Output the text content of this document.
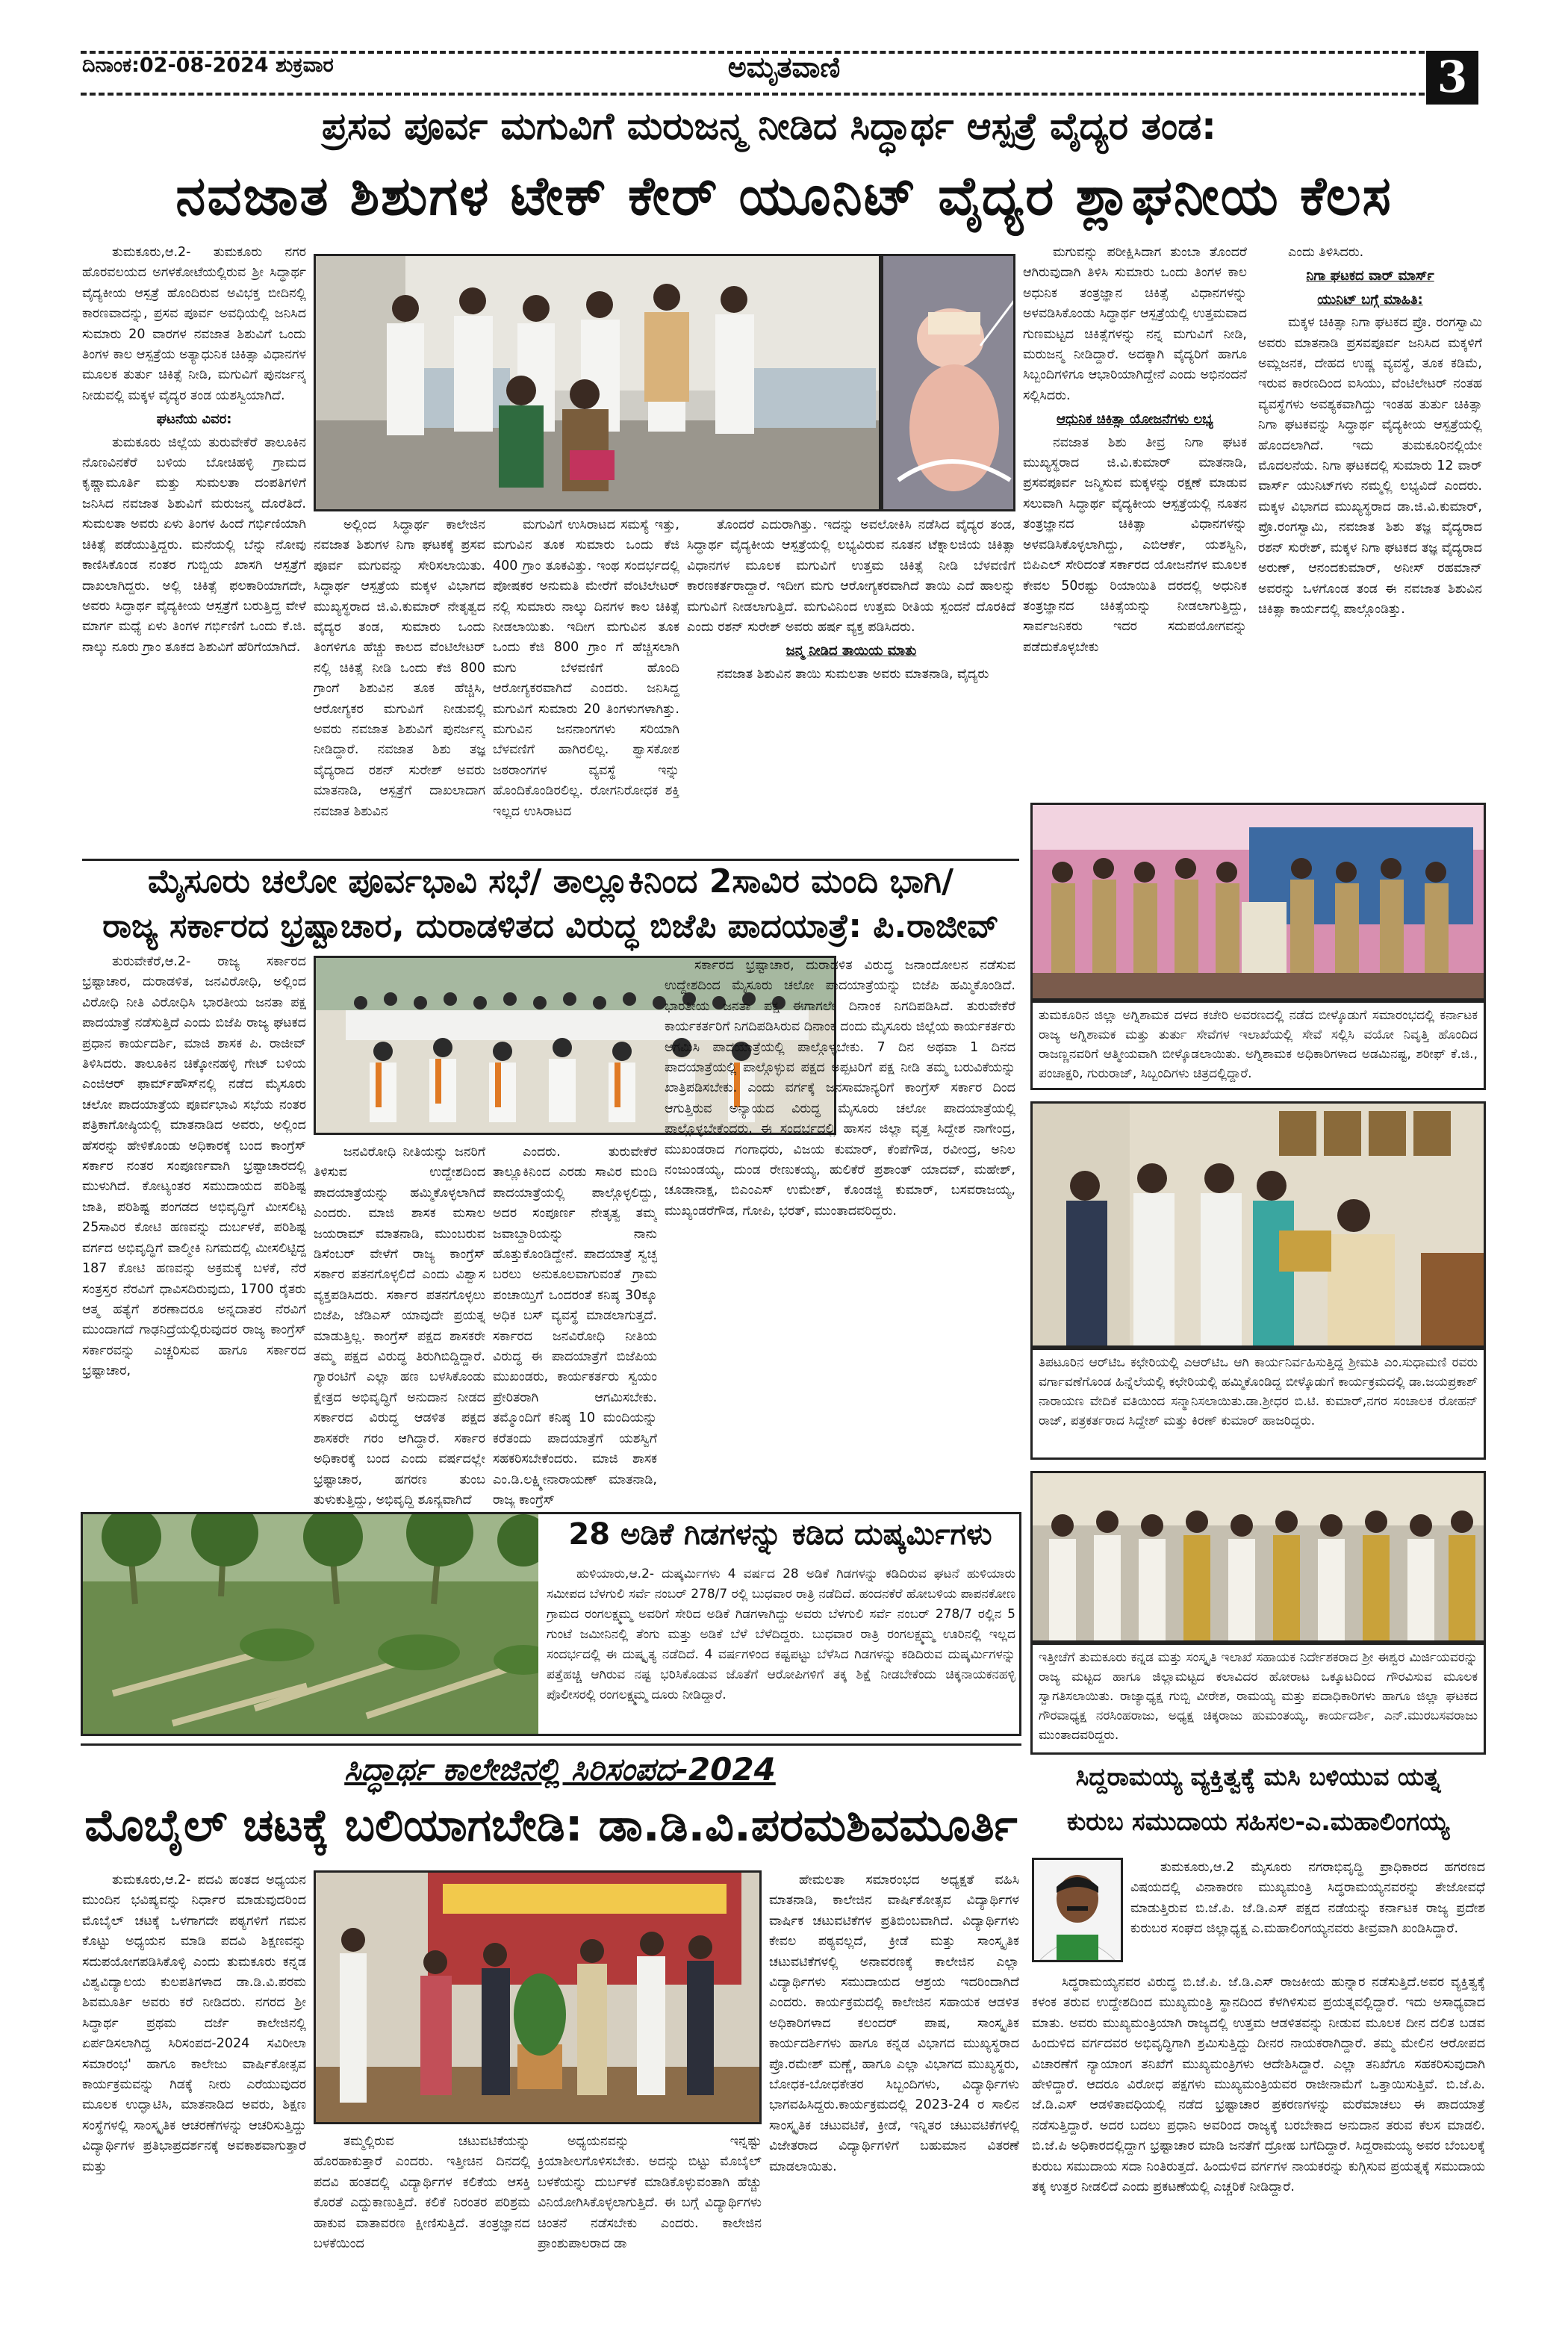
ದಿನಾಂಕ:02-08-2024 ಶುಕ್ರವಾರ	ಅಮೃತವಾಣಿ	3
ಪ್ರಸವ ಪೂರ್ವ ಮಗುವಿಗೆ ಮರುಜನ್ಮ ನೀಡಿದ ಸಿದ್ಧಾರ್ಥ ಆಸ್ಪತ್ರೆ ವೈದ್ಯರ ತಂಡ:
ನವಜಾತ ಶಿಶುಗಳ ಟೇಕ್ ಕೇರ್ ಯೂನಿಟ್ ವೈದ್ಯರ ಶ್ಲಾಘನೀಯ ಕೆಲಸ

ತುಮಕೂರು,ಆ.2- ತುಮಕೂರು ನಗರ ಹೊರವಲಯದ ಅಗಳಕೋಟೆಯಲ್ಲಿರುವ ಶ್ರೀ ಸಿದ್ಧಾರ್ಥ ವೈದ್ಯಕೀಯ ಆಸ್ಪತ್ರೆ ಹೊಂದಿರುವ ಅವಿಭಕ್ತ ಬೀದಿನಲ್ಲಿ ಕಾರಣವಾದನ್ನು, ಪ್ರಸವ ಪೂರ್ವ ಅವಧಿಯಲ್ಲಿ ಜನಿಸಿದ ಸುಮಾರು 20 ವಾರಗಳ ನವಜಾತ ಶಿಶುವಿಗೆ ಒಂದು ತಿಂಗಳ ಕಾಲ ಆಸ್ಪತ್ರೆಯ ಅತ್ಯಾಧುನಿಕ ಚಿಕಿತ್ಸಾ ವಿಧಾನಗಳ ಮೂಲಕ ತುರ್ತು ಚಿಕಿತ್ಸೆ ನೀಡಿ, ಮಗುವಿಗೆ ಪುನರ್ಜನ್ಮ ನೀಡುವಲ್ಲಿ ಮಕ್ಕಳ ವೈದ್ಯರ ತಂಡ ಯಶಸ್ವಿಯಾಗಿದೆ.

ಘಟನೆಯ ವಿವರ:

ತುಮಕೂರು ಜಿಲ್ಲೆಯ ತುರುವೇಕೆರೆ ತಾಲೂಕಿನ ನೊಣವಿನಕೆರೆ ಬಳಿಯ ಬೋಚಿಹಳ್ಳಿ ಗ್ರಾಮದ ಕೃಷ್ಣಾಮೂರ್ತಿ ಮತ್ತು ಸುಮಲತಾ ದಂಪತಿಗಳಿಗೆ ಜನಿಸಿದ ನವಜಾತ ಶಿಶುವಿಗೆ ಮರುಜನ್ಮ ದೊರೆತಿದೆ. ಸುಮಲತಾ ಅವರು ಏಳು ತಿಂಗಳ ಹಿಂದೆ ಗರ್ಭಿಣಿಯಾಗಿ ಚಿಕಿತ್ಸೆ ಪಡೆಯುತ್ತಿದ್ದರು. ಮನೆಯಲ್ಲಿ ಬೆನ್ನು ನೋವು ಕಾಣಿಸಿಕೊಂಡ ನಂತರ ಗುಬ್ಬಿಯ ಖಾಸಗಿ ಆಸ್ಪತ್ರೆಗೆ ದಾಖಲಾಗಿದ್ದರು. ಅಲ್ಲಿ ಚಿಕಿತ್ಸೆ ಫಲಕಾರಿಯಾಗದೇ, ಅವರು ಸಿದ್ಧಾರ್ಥ ವೈದ್ಯಕೀಯ ಆಸ್ಪತ್ರೆಗೆ ಬರುತ್ತಿದ್ದ ವೇಳೆ ಮಾರ್ಗ ಮಧ್ಯೆ ಏಳು ತಿಂಗಳ ಗರ್ಭಿಣಿಗೆ ಒಂದು ಕೆ.ಜಿ. ನಾಲ್ಕು ನೂರು ಗ್ರಾಂ ತೂಕದ ಶಿಶುವಿಗೆ ಹೆರಿಗೆಯಾಗಿದೆ.

ಅಲ್ಲಿಂದ ಸಿದ್ಧಾರ್ಥ ಕಾಲೇಜಿನ ನವಜಾತ ಶಿಶುಗಳ ನಿಗಾ ಘಟಕಕ್ಕೆ ಪ್ರಸವ ಪೂರ್ವ ಮಗುವನ್ನು ಸೇರಿಸಲಾಯಿತು. ಸಿದ್ಧಾರ್ಥ ಆಸ್ಪತ್ರೆಯ ಮಕ್ಕಳ ವಿಭಾಗದ ಮುಖ್ಯಸ್ಥರಾದ ಜಿ.ವಿ.ಕುಮಾರ್ ನೇತೃತ್ವದ ವೈದ್ಯರ ತಂಡ, ಸುಮಾರು ಒಂದು ತಿಂಗಳಿಗೂ ಹೆಚ್ಚು ಕಾಲದ ವೆಂಟಿಲೇಟರ್ ನಲ್ಲಿ ಚಿಕಿತ್ಸೆ ನೀಡಿ ಒಂದು ಕೆಜಿ 800 ಗ್ರಾಂಗೆ ಶಿಶುವಿನ ತೂಕ ಹೆಚ್ಚಿಸಿ, ಆರೋಗ್ಯಕರ ಮಗುವಿಗೆ ನೀಡುವಲ್ಲಿ ಅವರು ನವಜಾತ ಶಿಶುವಿಗೆ ಪುನರ್ಜನ್ಮ ನೀಡಿದ್ದಾರೆ. ನವಜಾತ ಶಿಶು ತಜ್ಞ ವೈದ್ಯರಾದ ರಶನ್ ಸುರೇಶ್ ಅವರು ಮಾತನಾಡಿ, ಆಸ್ಪತ್ರೆಗೆ ದಾಖಲಾದಾಗ ನವಜಾತ ಶಿಶುವಿನ

ಮಗುವಿಗೆ ಉಸಿರಾಟದ ಸಮಸ್ಯೆ ಇತ್ತು, ಮಗುವಿನ ತೂಕ ಸುಮಾರು ಒಂದು ಕೆಜಿ 400 ಗ್ರಾಂ ತೂಕವಿತ್ತು. ಇಂಥ ಸಂದರ್ಭದಲ್ಲಿ ಪೋಷಕರ ಅನುಮತಿ ಮೇರೆಗೆ ವೆಂಟಿಲೇಟರ್ ನಲ್ಲಿ ಸುಮಾರು ನಾಲ್ಕು ದಿನಗಳ ಕಾಲ ಚಿಕಿತ್ಸೆ ನೀಡಲಾಯಿತು. ಇದೀಗ ಮಗುವಿನ ತೂಕ ಒಂದು ಕೆಜಿ 800 ಗ್ರಾಂ ಗೆ ಹೆಚ್ಚಿಸಲಾಗಿ ಮಗು ಬೆಳವಣಿಗೆ ಹೊಂದಿ ಆರೋಗ್ಯಕರವಾಗಿದೆ ಎಂದರು. ಜನಿಸಿದ್ದ ಮಗುವಿಗೆ ಸುಮಾರು 20 ತಿಂಗಳುಗಳಾಗಿತ್ತು. ಮಗುವಿನ ಜನನಾಂಗಗಳು ಸರಿಯಾಗಿ ಬೆಳವಣಿಗೆ ಹಾಗಿರಲಿಲ್ಲ. ಶ್ವಾಸಕೋಶ ಜಠರಾಂಗಗಳ ವ್ಯವಸ್ಥೆ ಇನ್ನು ಹೊಂದಿಕೊಂಡಿರಲಿಲ್ಲ. ರೋಗನಿರೋಧಕ ಶಕ್ತಿ ಇಲ್ಲದ ಉಸಿರಾಟದ

ತೊಂದರೆ ಎದುರಾಗಿತ್ತು. ಇದನ್ನು ಅವಲೋಕಿಸಿ ನಡೆಸಿದ ವೈದ್ಯರ ತಂಡ, ಸಿದ್ಧಾರ್ಥ ವೈದ್ಯಕೀಯ ಆಸ್ಪತ್ರೆಯಲ್ಲಿ ಲಭ್ಯವಿರುವ ನೂತನ ಟೆಕ್ನಾಲಜಿಯ ಚಿಕಿತ್ಸಾ ವಿಧಾನಗಳ ಮೂಲಕ ಮಗುವಿಗೆ ಉತ್ತಮ ಚಿಕಿತ್ಸೆ ನೀಡಿ ಬೆಳವಣಿಗೆ ಕಾರಣಕರ್ತರಾದ್ದಾರೆ. ಇದೀಗ ಮಗು ಆರೋಗ್ಯಕರವಾಗಿದೆ ತಾಯಿ ಎದೆ ಹಾಲನ್ನು ಮಗುವಿಗೆ ನೀಡಲಾಗುತ್ತಿದೆ. ಮಗುವಿನಿಂದ ಉತ್ತಮ ರೀತಿಯ ಸ್ಪಂದನೆ ದೊರಕಿದೆ ಎಂದು ರಶನ್ ಸುರೇಶ್ ಅವರು ಹರ್ಷ ವ್ಯಕ್ತ ಪಡಿಸಿದರು.

ಜನ್ಮ ನೀಡಿದ ತಾಯಿಯ ಮಾತು

ನವಜಾತ ಶಿಶುವಿನ ತಾಯಿ ಸುಮಲತಾ ಅವರು ಮಾತನಾಡಿ, ವೈದ್ಯರು

ಮಗುವನ್ನು ಪರೀಕ್ಷಿಸಿದಾಗ ತುಂಬಾ ತೊಂದರೆ ಆಗಿರುವುದಾಗಿ ತಿಳಿಸಿ ಸುಮಾರು ಒಂದು ತಿಂಗಳ ಕಾಲ ಅಧುನಿಕ ತಂತ್ರಜ್ಞಾನ ಚಿಕಿತ್ಸೆ ವಿಧಾನಗಳನ್ನು ಅಳವಡಿಸಿಕೊಂಡು ಸಿದ್ಧಾರ್ಥ ಆಸ್ಪತ್ರೆಯಲ್ಲಿ ಉತ್ತಮವಾದ ಗುಣಮಟ್ಟದ ಚಿಕಿತ್ಸೆಗಳನ್ನು ನನ್ನ ಮಗುವಿಗೆ ನೀಡಿ, ಮರುಜನ್ಮ ನೀಡಿದ್ದಾರೆ. ಅದಕ್ಕಾಗಿ ವೈದ್ಯರಿಗೆ ಹಾಗೂ ಸಿಬ್ಬಂದಿಗಳಿಗೂ ಆಭಾರಿಯಾಗಿದ್ದೇನೆ ಎಂದು ಅಭಿನಂದನೆ ಸಲ್ಲಿಸಿದರು.

ಆಧುನಿಕ ಚಿಕಿತ್ಸಾ ಯೋಜನೆಗಳು ಲಭ್ಯ

ನವಜಾತ ಶಿಶು ತೀವ್ರ ನಿಗಾ ಘಟಕ ಮುಖ್ಯಸ್ಥರಾದ ಜಿ.ವಿ.ಕುಮಾರ್ ಮಾತನಾಡಿ, ಪ್ರಸವಪೂರ್ವ ಜನ್ಮಿಸುವ ಮಕ್ಕಳನ್ನು ರಕ್ಷಣೆ ಮಾಡುವ ಸಲುವಾಗಿ ಸಿದ್ಧಾರ್ಥ ವೈದ್ಯಕೀಯ ಆಸ್ಪತ್ರೆಯಲ್ಲಿ ನೂತನ ತಂತ್ರಜ್ಞಾನದ ಚಿಕಿತ್ಸಾ ವಿಧಾನಗಳನ್ನು ಅಳವಡಿಸಿಕೊಳ್ಳಲಾಗಿದ್ದು, ಎಬಿಆರ್ಕೆ, ಯಶಸ್ವಿನಿ, ಬಿಪಿಎಲ್ ಸೇರಿದಂತೆ ಸರ್ಕಾರದ ಯೋಜನೆಗಳ ಮೂಲಕ ಕೇವಲ 50ರಷ್ಟು ರಿಯಾಯಿತಿ ದರದಲ್ಲಿ ಅಧುನಿಕ ತಂತ್ರಜ್ಞಾನದ ಚಿಕಿತ್ಸೆಯನ್ನು ನೀಡಲಾಗುತ್ತಿದ್ದು, ಸಾರ್ವಜನಿಕರು ಇದರ ಸದುಪಯೋಗವನ್ನು ಪಡೆದುಕೊಳ್ಳಬೇಕು

ಎಂದು ತಿಳಿಸಿದರು.

ನಿಗಾ ಘಟಕದ ವಾರ್ ಮಾರ್ಸ್
ಯುನಿಟ್ ಬಗ್ಗೆ ಮಾಹಿತಿ:

ಮಕ್ಕಳ ಚಿಕಿತ್ಸಾ ನಿಗಾ ಘಟಕದ ಪ್ರೊ. ರಂಗಸ್ವಾಮಿ ಅವರು ಮಾತನಾಡಿ ಪ್ರಸವಪೂರ್ವ ಜನಿಸಿದ ಮಕ್ಕಳಿಗೆ ಅಮ್ಲಜನಕ, ದೇಹದ ಉಷ್ಣ ವ್ಯವಸ್ಥೆ, ತೂಕ ಕಡಿಮೆ, ಇರುವ ಕಾರಣದಿಂದ ಐಸಿಯು, ವೆಂಟಿಲೇಟರ್ ನಂತಹ ವ್ಯವಸ್ಥೆಗಳು ಅವಶ್ಯಕವಾಗಿದ್ದು ಇಂತಹ ತುರ್ತು ಚಿಕಿತ್ಸಾ ನಿಗಾ ಘಟಕವನ್ನು ಸಿದ್ಧಾರ್ಥ ವೈದ್ಯಕೀಯ ಆಸ್ಪತ್ರೆಯಲ್ಲಿ ಹೊಂದಲಾಗಿದೆ. ಇದು ತುಮಕೂರಿನಲ್ಲಿಯೇ ಮೊದಲನೆಯ. ನಿಗಾ ಘಟಕದಲ್ಲಿ ಸುಮಾರು 12 ವಾರ್ ವಾರ್ಸ್ ಯುನಿಟ್‌ಗಳು ನಮ್ಮಲ್ಲಿ ಲಭ್ಯವಿದೆ ಎಂದರು. ಮಕ್ಕಳ ವಿಭಾಗದ ಮುಖ್ಯಸ್ಥರಾದ ಡಾ.ಜಿ.ವಿ.ಕುಮಾರ್, ಪ್ರೊ.ರಂಗಸ್ವಾಮಿ, ನವಜಾತ ಶಿಶು ತಜ್ಞ ವೈದ್ಯರಾದ ರಶನ್ ಸುರೇಶ್, ಮಕ್ಕಳ ನಿಗಾ ಘಟಕದ ತಜ್ಞ ವೈದ್ಯರಾದ ಅರುಣ್, ಆನಂದಕುಮಾರ್, ಅನೀಸ್ ರಹಮಾನ್ ಅವರನ್ನು ಒಳಗೊಂಡ ತಂಡ ಈ ನವಜಾತ ಶಿಶುವಿನ ಚಿಕಿತ್ಸಾ ಕಾರ್ಯದಲ್ಲಿ ಪಾಲ್ಗೊಂಡಿತ್ತು.

ಮೈಸೂರು ಚಲೋ ಪೂರ್ವಭಾವಿ ಸಭೆ/ ತಾಲ್ಲೂಕಿನಿಂದ 2ಸಾವಿರ ಮಂದಿ ಭಾಗಿ/
ರಾಜ್ಯ ಸರ್ಕಾರದ ಭ್ರಷ್ಟಾಚಾರ, ದುರಾಡಳಿತದ ವಿರುದ್ಧ ಬಿಜೆಪಿ ಪಾದಯಾತ್ರೆ: ಪಿ.ರಾಜೀವ್

ತುರುವೇಕೆರೆ,ಆ.2- ರಾಜ್ಯ ಸರ್ಕಾರದ ಭ್ರಷ್ಟಾಚಾರ, ದುರಾಡಳಿತ, ಜನವಿರೋಧಿ, ಅಲ್ಲಿಂದ ವಿರೋಧಿ ನೀತಿ ವಿರೋಧಿಸಿ ಭಾರತೀಯ ಜನತಾ ಪಕ್ಷ ಪಾದಯಾತ್ರೆ ನಡೆಸುತ್ತಿದೆ ಎಂದು ಬಿಜೆಪಿ ರಾಜ್ಯ ಘಟಕದ ಪ್ರಧಾನ ಕಾರ್ಯದರ್ಶಿ, ಮಾಜಿ ಶಾಸಕ ಪಿ. ರಾಜೀವ್ ತಿಳಿಸಿದರು. ತಾಲೂಕಿನ ಚಿಕ್ಕೋನಹಳ್ಳಿ ಗೇಟ್ ಬಳಿಯ ಎಂಜಿಆರ್ ಫಾರ್ಮ್‌ಹೌಸ್‌ನಲ್ಲಿ ನಡೆದ ಮೈಸೂರು ಚಲೋ ಪಾದಯಾತ್ರೆಯ ಪೂರ್ವಭಾವಿ ಸಭೆಯ ನಂತರ ಪತ್ರಿಕಾಗೋಷ್ಠಿಯಲ್ಲಿ ಮಾತನಾಡಿದ ಅವರು, ಅಲ್ಲಿಂದ ಹೆಸರನ್ನು ಹೇಳಿಕೊಂಡು ಅಧಿಕಾರಕ್ಕೆ ಬಂದ ಕಾಂಗ್ರೆಸ್ ಸರ್ಕಾರ ನಂತರ ಸಂಪೂರ್ಣವಾಗಿ ಭ್ರಷ್ಟಾಚಾರದಲ್ಲಿ ಮುಳುಗಿದೆ. ಕೋಟ್ಯಂತರ ಸಮುದಾಯದ ಪರಿಶಿಷ್ಟ ಜಾತಿ, ಪರಿಶಿಷ್ಟ ಪಂಗಡದ ಅಭಿವೃದ್ಧಿಗೆ ಮೀಸಲಿಟ್ಟ 25ಸಾವಿರ ಕೋಟಿ ಹಣವನ್ನು ದುರ್ಬಳಕೆ, ಪರಿಶಿಷ್ಟ ವರ್ಗದ ಅಭಿವೃದ್ಧಿಗೆ ವಾಲ್ಮೀಕಿ ನಿಗಮದಲ್ಲಿ ಮೀಸಲಿಟ್ಟಿದ್ದ 187 ಕೋಟಿ ಹಣವನ್ನು ಅಕ್ರಮಕ್ಕೆ ಬಳಕೆ, ನೆರೆ ಸಂತ್ರಸ್ತರ ನೆರವಿಗೆ ಧಾವಿಸದಿರುವುದು, 1700 ರೈತರು ಆತ್ಮ ಹತ್ಯೆಗೆ ಶರಣಾದರೂ ಅನ್ನದಾತರ ನೆರವಿಗೆ ಮುಂದಾಗದೆ ಗಾಢನಿದ್ರೆಯಲ್ಲಿರುವುದರ ರಾಜ್ಯ ಕಾಂಗ್ರೆಸ್ ಸರ್ಕಾರವನ್ನು ಎಚ್ಚರಿಸುವ ಹಾಗೂ ಸರ್ಕಾರದ ಭ್ರಷ್ಟಾಚಾರ,

ಜನವಿರೋಧಿ ನೀತಿಯನ್ನು ಜನರಿಗೆ ತಿಳಿಸುವ ಉದ್ದೇಶದಿಂದ ಪಾದಯಾತ್ರೆಯನ್ನು ಹಮ್ಮಿಕೊಳ್ಳಲಾಗಿದೆ ಎಂದರು. ಮಾಜಿ ಶಾಸಕ ಮಸಾಲ ಜಯರಾಮ್ ಮಾತನಾಡಿ, ಮುಂಬರುವ ಡಿಸೆಂಬರ್ ವೇಳೆಗೆ ರಾಜ್ಯ ಕಾಂಗ್ರೆಸ್ ಸರ್ಕಾರ ಪತನಗೊಳ್ಳಲಿದೆ ಎಂದು ವಿಶ್ವಾಸ ವ್ಯಕ್ತಪಡಿಸಿದರು. ಸರ್ಕಾರ ಪತನಗೊಳ್ಳಲು ಬಿಜೆಪಿ, ಜೆಡಿಎಸ್ ಯಾವುದೇ ಪ್ರಯತ್ನ ಮಾಡುತ್ತಿಲ್ಲ. ಕಾಂಗ್ರೆಸ್ ಪಕ್ಷದ ಶಾಸಕರೇ ತಮ್ಮ ಪಕ್ಷದ ವಿರುದ್ಧ ತಿರುಗಿಬಿದ್ದಿದ್ದಾರೆ. ಗ್ಯಾರಂಟಿಗೆ ಎಲ್ಲಾ ಹಣ ಬಳಸಿಕೊಂಡು ಕ್ಷೇತ್ರದ ಅಭಿವೃದ್ಧಿಗೆ ಅನುದಾನ ನೀಡದ ಸರ್ಕಾರದ ವಿರುದ್ಧ ಆಡಳಿತ ಪಕ್ಷದ ಶಾಸಕರೇ ಗರಂ ಆಗಿದ್ದಾರೆ. ಸರ್ಕಾರ ಅಧಿಕಾರಕ್ಕೆ ಬಂದ ಎಂದು ವರ್ಷದಲ್ಲೇ ಭ್ರಷ್ಟಾಚಾರ, ಹಗರಣ ತುಂಬ ತುಳುಕುತ್ತಿದ್ದು, ಅಭಿವೃದ್ಧಿ ಶೂನ್ಯವಾಗಿದೆ

ಎಂದರು. ತುರುವೇಕೆರೆ ತಾಲ್ಲೂಕಿನಿಂದ ಎರಡು ಸಾವಿರ ಮಂದಿ ಪಾದಯಾತ್ರೆಯಲ್ಲಿ ಪಾಲ್ಗೊಳ್ಳಲಿದ್ದು, ಅದರ ಸಂಪೂರ್ಣ ನೇತೃತ್ವ ತಮ್ಮ ಜವಾಬ್ದಾರಿಯನ್ನು ನಾನು ಹೊತ್ತುಕೊಂಡಿದ್ದೇನೆ. ಪಾದಯಾತ್ರೆ ಸ್ವಚ್ಛ ಬರಲು ಅನುಕೂಲವಾಗುವಂತೆ ಗ್ರಾಮ ಪಂಚಾಯ್ತಿಗೆ ಒಂದರಂತೆ ಕನಿಷ್ಠ 30ಕ್ಕೂ ಅಧಿಕ ಬಸ್ ವ್ಯವಸ್ಥೆ ಮಾಡಲಾಗುತ್ತದೆ. ಸರ್ಕಾರದ ಜನವಿರೋಧಿ ನೀತಿಯ ವಿರುದ್ಧ ಈ ಪಾದಯಾತ್ರೆಗೆ ಬಿಜೆಪಿಯ ಮುಖಂಡರು, ಕಾರ್ಯಕರ್ತರು ಸ್ವಯಂ ಪ್ರೇರಿತರಾಗಿ ಆಗಮಿಸಬೇಕು. ತಮ್ಮೊಂದಿಗೆ ಕನಿಷ್ಠ 10 ಮಂದಿಯನ್ನು ಕರೆತಂದು ಪಾದಯಾತ್ರೆಗೆ ಯಶಸ್ವಿಗೆ ಸಹಕರಿಸಬೇಕೆಂದರು. ಮಾಜಿ ಶಾಸಕ ಎಂ.ಡಿ.ಲಕ್ಷ್ಮೀನಾರಾಯಣ್ ಮಾತನಾಡಿ, ರಾಜ್ಯ ಕಾಂಗ್ರೆಸ್

ಸರ್ಕಾರದ ಭ್ರಷ್ಟಾಚಾರ, ದುರಾಡಳಿತ ವಿರುದ್ಧ ಜನಾಂದೋಲನ ನಡೆಸುವ ಉದ್ದೇಶದಿಂದ ಮೈಸೂರು ಚಲೋ ಪಾದಯಾತ್ರೆಯನ್ನು ಬಿಜೆಪಿ ಹಮ್ಮಿಕೊಂಡಿದೆ. ಭಾರತೀಯ ಜನತಾ ಪಕ್ಷ ಈಗಾಗಲೇ ದಿನಾಂಕ ನಿಗದಿಪಡಿಸಿದೆ. ತುರುವೇಕೆರೆ ಕಾರ್ಯಕರ್ತರಿಗೆ ನಿಗದಿಪಡಿಸಿರುವ ದಿನಾಂಕ ದಂದು ಮೈಸೂರು ಜಿಲ್ಲೆಯ ಕಾರ್ಯಕರ್ತರು ಆಗಮಿಸಿ ಪಾದಯಾತ್ರೆಯಲ್ಲಿ ಪಾಲ್ಗೊಳ್ಳಬೇಕು. 7 ದಿನ ಅಥವಾ 1 ದಿನದ ಪಾದಯಾತ್ರೆಯಲ್ಲಿ ಪಾಲ್ಗೊಳ್ಳುವ ಪಕ್ಷದ ಅಪ್ಪಟರಿಗೆ ಪಕ್ಷ ನೀಡಿ ತಮ್ಮ ಬರುವಿಕೆಯನ್ನು ಖಾತ್ರಿಪಡಿಸಬೇಕು. ಎಂದು ವರ್ಗಕ್ಕೆ ಜನಸಾಮಾನ್ಯರಿಗೆ ಕಾಂಗ್ರೆಸ್ ಸರ್ಕಾರ ದಿಂದ ಆಗುತ್ತಿರುವ ಅನ್ಯಾಯದ ವಿರುದ್ಧ ಮೈಸೂರು ಚಲೋ ಪಾದಯಾತ್ರೆಯಲ್ಲಿ ಪಾಲ್ಗೊಳ್ಳಬೇಕೆಂದರು. ಈ ಸಂದರ್ಭದಲ್ಲಿ ಹಾಸನ ಜಿಲ್ಲಾ ವೃತ್ತ ಸಿದ್ದೇಶ ನಾಗೇಂದ್ರ, ಮುಖಂಡರಾದ ಗಂಗಾಧರು, ವಿಜಯ ಕುಮಾರ್, ಕೆಂಪೆಗೌಡ, ರವೀಂದ್ರ, ಅನಿಲ ನಂಜುಂಡಯ್ಯ, ದುಂಡ ರೇಣುಕಯ್ಯ, ಹುಲಿಕೆರೆ ಪ್ರಶಾಂತ್ ಯಾದವ್, ಮಹೇಶ್, ಚೂಡಾನಾಕ್ಷ, ಬಿಎಂಎಸ್ ಉಮೇಶ್, ಕೊಂಡಜ್ಜಿ ಕುಮಾರ್, ಬಸವರಾಜಯ್ಯ, ಮುಖ್ಯಂಡರೆಗೌಡ, ಗೋಪಿ, ಭರತ್, ಮುಂತಾದವರಿದ್ದರು.

28 ಅಡಿಕೆ ಗಿಡಗಳನ್ನು ಕಡಿದ ದುಷ್ಕರ್ಮಿಗಳು

ಹುಳಿಯಾರು,ಆ.2- ದುಷ್ಕರ್ಮಿಗಳು 4 ವರ್ಷದ 28 ಅಡಿಕೆ ಗಿಡಗಳನ್ನು ಕಡಿದಿರುವ ಘಟನೆ ಹುಳಿಯಾರು ಸಮೀಪದ ಬೆಳಗುಲಿ ಸರ್ವೆ ನಂಬರ್ 278/7 ರಲ್ಲಿ ಬುಧವಾರ ರಾತ್ರಿ ನಡೆದಿದೆ. ಹಂದನಕೆರೆ ಹೋಬಳಿಯ ಪಾಪನಕೋಣ ಗ್ರಾಮದ ರಂಗಲಕ್ಷ್ಮಮ್ಮ ಅವರಿಗೆ ಸೇರಿದ ಅಡಿಕೆ ಗಿಡಗಳಾಗಿದ್ದು ಅವರು ಬೆಳಗುಲಿ ಸರ್ವೆ ನಂಬರ್ 278/7 ರಲ್ಲಿನ 5 ಗುಂಟೆ ಜಮೀನಿನಲ್ಲಿ ತೆಂಗು ಮತ್ತು ಅಡಿಕೆ ಬೆಳೆ ಬೆಳೆದಿದ್ದರು. ಬುಧವಾರ ರಾತ್ರಿ ರಂಗಲಕ್ಷ್ಮಮ್ಮ ಊರಿನಲ್ಲಿ ಇಲ್ಲದ ಸಂದರ್ಭದಲ್ಲಿ ಈ ದುಷ್ಕೃತ್ಯ ನಡೆದಿದೆ. 4 ವರ್ಷಗಳಿಂದ ಕಷ್ಟಪಟ್ಟು ಬೆಳೆಸಿದ ಗಿಡಗಳನ್ನು ಕಡಿದಿರುವ ದುಷ್ಕರ್ಮಿಗಳನ್ನು ಪತ್ತೆಹಚ್ಚಿ ಆಗಿರುವ ನಷ್ಟ ಭರಿಸಿಕೊಡುವ ಜೊತೆಗೆ ಆರೋಪಿಗಳಿಗೆ ತಕ್ಕ ಶಿಕ್ಷೆ ನೀಡಬೇಕೆಂದು ಚಿಕ್ಕನಾಯಕನಹಳ್ಳಿ ಪೊಲೀಸರಲ್ಲಿ ರಂಗಲಕ್ಷ್ಮಮ್ಮ ದೂರು ನೀಡಿದ್ದಾರೆ.

ತುಮಕೂರಿನ ಜಿಲ್ಲಾ ಅಗ್ನಿಶಾಮಕ ದಳದ ಕಚೇರಿ ಅವರಣದಲ್ಲಿ ನಡೆದ ಬೀಳ್ಕೊಡುಗೆ ಸಮಾರಂಭದಲ್ಲಿ ಕರ್ನಾಟಕ ರಾಜ್ಯ ಅಗ್ನಿಶಾಮಕ ಮತ್ತು ತುರ್ತು ಸೇವೆಗಳ ಇಲಾಖೆಯಲ್ಲಿ ಸೇವೆ ಸಲ್ಲಿಸಿ ವಯೋ ನಿವೃತ್ತಿ ಹೊಂದಿದ ರಾಜಣ್ಣನವರಿಗೆ ಆತ್ಮೀಯವಾಗಿ ಬೀಳ್ಕೊಡಲಾಯಿತು. ಅಗ್ನಿಶಾಮಕ ಅಧಿಕಾರಿಗಳಾದ ಅಡಮಿನಷ್ಟ, ಶರೀಫ್ ಕೆ.ಜಿ., ಪಂಚಾಕ್ಷರಿ, ಗುರುರಾಜ್, ಸಿಬ್ಬಂದಿಗಳು ಚಿತ್ರದಲ್ಲಿದ್ದಾರೆ.
ತಿಪಟೂರಿನ ಆರ್‌ಟಿಒ ಕಛೇರಿಯಲ್ಲಿ ಎಆರ್‌ಟಿಒ ಆಗಿ ಕಾರ್ಯನಿರ್ವಹಿಸುತ್ತಿದ್ದ ಶ್ರೀಮತಿ ಎಂ.ಸುಧಾಮಣಿ ರವರು ವರ್ಗಾವಣೆಗೊಂಡ ಹಿನ್ನೆಲೆಯಲ್ಲಿ ಕಛೇರಿಯಲ್ಲಿ ಹಮ್ಮಿಕೊಂಡಿದ್ದ ಬೀಳ್ಕೊಡುಗೆ ಕಾರ್ಯಕ್ರಮದಲ್ಲಿ ಡಾ.ಜಯಪ್ರಕಾಶ್ ನಾರಾಯಣ ವೇದಿಕೆ ವತಿಯಿಂದ ಸನ್ಮಾನಿಸಲಾಯಿತು.ಡಾ.ಶ್ರೀಧರ ಬಿ.ಟಿ. ಕುಮಾರ್,ನಗರ ಸಂಚಾಲಕ ರೋಹನ್ ರಾಜ್, ಪತ್ರಕರ್ತರಾದ ಸಿದ್ದೇಶ್ ಮತ್ತು ಕಿರಣ್ ಕುಮಾರ್ ಹಾಜರಿದ್ದರು.
ಇತ್ತೀಚೆಗೆ ತುಮಕೂರು ಕನ್ನಡ ಮತ್ತು ಸಂಸ್ಕೃತಿ ಇಲಾಖೆ ಸಹಾಯಕ ನಿರ್ದೇಶಕರಾದ ಶ್ರೀ ಈಶ್ವರ ಮಿರ್ಜಿಯವರನ್ನು ರಾಜ್ಯ ಮಟ್ಟದ ಹಾಗೂ ಜಿಲ್ಲಾಮಟ್ಟದ ಕಲಾವಿದರ ಹೋರಾಟ ಒಕ್ಕೂಟದಿಂದ ಗೌರವಿಸುವ ಮೂಲಕ ಸ್ವಾಗತಿಸಲಾಯಿತು. ರಾಜ್ಯಾಧ್ಯಕ್ಷ ಗುಬ್ಬಿ ವೀರೇಶ, ರಾಮಯ್ಯ ಮತ್ತು ಪದಾಧಿಕಾರಿಗಳು ಹಾಗೂ ಜಿಲ್ಲಾ ಘಟಕದ ಗೌರವಾಧ್ಯಕ್ಷ ನರಸಿಂಹರಾಜು, ಅಧ್ಯಕ್ಷ ಚಿಕ್ಕರಾಜು ಹುಮಂತಯ್ಯ, ಕಾರ್ಯದರ್ಶಿ, ಎನ್.ಮುರಬಸವರಾಜು ಮುಂತಾದವರಿದ್ದರು.
ಸಿದ್ಧಾರ್ಥ ಕಾಲೇಜಿನಲ್ಲಿ ಸಿರಿಸಂಪದ-2024
ಮೊಬೈಲ್ ಚಟಕ್ಕೆ ಬಲಿಯಾಗಬೇಡಿ: ಡಾ.ಡಿ.ವಿ.ಪರಮಶಿವಮೂರ್ತಿ

ತುಮಕೂರು,ಆ.2- ಪದವಿ ಹಂತದ ಅಧ್ಯಯನ ಮುಂದಿನ ಭವಿಷ್ಯವನ್ನು ನಿರ್ಧಾರ ಮಾಡುವುದರಿಂದ ಮೊಬೈಲ್ ಚಟಕ್ಕೆ ಒಳಗಾಗದೇ ಪಠ್ಯಗಳಿಗೆ ಗಮನ ಕೊಟ್ಟು ಅಧ್ಯಯನ ಮಾಡಿ ಪದವಿ ಶಿಕ್ಷಣವನ್ನು ಸದುಪಯೋಗಪಡಿಸಿಕೊಳ್ಳಿ ಎಂದು ತುಮಕೂರು ಕನ್ನಡ ವಿಶ್ವವಿದ್ಯಾಲಯ ಕುಲಪತಿಗಳಾದ ಡಾ.ಡಿ.ವಿ.ಪರಮ ಶಿವಮೂರ್ತಿ ಅವರು ಕರೆ ನೀಡಿದರು. ನಗರದ ಶ್ರೀ ಸಿದ್ಧಾರ್ಥ ಪ್ರಥಮ ದರ್ಜೆ ಕಾಲೇಜಿನಲ್ಲಿ ಏರ್ಪಡಿಸಲಾಗಿದ್ದ ಸಿರಿಸಂಪದ-2024 ಸವಿರೀಲಾ ಸಮಾರಂಭ' ಹಾಗೂ ಕಾಲೇಜು ವಾರ್ಷಿಕೋತ್ಸವ ಕಾರ್ಯಕ್ರಮವನ್ನು ಗಿಡಕ್ಕೆ ನೀರು ಎರೆಯುವುದರ ಮೂಲಕ ಉದ್ಘಾಟಿಸಿ, ಮಾತನಾಡಿದ ಅವರು, ಶಿಕ್ಷಣ ಸಂಸ್ಥೆಗಳಲ್ಲಿ ಸಾಂಸ್ಕೃತಿಕ ಆಚರಣೆಗಳನ್ನು ಆಚರಿಸುತ್ತಿದ್ದು ವಿದ್ಯಾರ್ಥಿಗಳ ಪ್ರತಿಭಾಪ್ರದರ್ಶನಕ್ಕೆ ಅವಕಾಶವಾಗುತ್ತಾರೆ ಮತ್ತು

ತಮ್ಮಲ್ಲಿರುವ ಚಟುವಟಿಕೆಯನ್ನು ಹೊರಹಾಕುತ್ತಾರೆ ಎಂದರು. ಇತ್ತೀಚಿನ ದಿನದಲ್ಲಿ ಪದವಿ ಹಂತದಲ್ಲಿ ವಿದ್ಯಾರ್ಥಿಗಳ ಕಲಿಕೆಯ ಆಸಕ್ತಿ ಕೊರತೆ ಎದ್ದುಕಾಣುತ್ತಿದೆ. ಕಲಿಕೆ ನಿರಂತರ ಪರಿಶ್ರಮ ಹಾಕುವ ವಾತಾವರಣ ಕ್ಷೀಣಿಸುತ್ತಿದೆ. ತಂತ್ರಜ್ಞಾನದ ಬಳಕೆಯಿಂದ

ಅಧ್ಯಯನವನ್ನು ಇನ್ನಷ್ಟು ಕ್ರಿಯಾಶೀಲಗೊಳಿಸಬೇಕು. ಅದನ್ನು ಬಿಟ್ಟು ಮೊಬೈಲ್ ಬಳಕೆಯನ್ನು ದುರ್ಬಳಕೆ ಮಾಡಿಕೊಳ್ಳುವಂತಾಗಿ ಹೆಚ್ಚು ವಿನಿಯೋಗಿಸಿಕೊಳ್ಳಲಾಗುತ್ತಿದೆ. ಈ ಬಗ್ಗೆ ವಿದ್ಯಾರ್ಥಿಗಳು ಚಿಂತನೆ ನಡೆಸಬೇಕು ಎಂದರು. ಕಾಲೇಜಿನ ಪ್ರಾಂಶುಪಾಲರಾದ ಡಾ

ಹೇಮಲತಾ ಸಮಾರಂಭದ ಅಧ್ಯಕ್ಷತೆ ವಹಿಸಿ ಮಾತನಾಡಿ, ಕಾಲೇಜಿನ ವಾರ್ಷಿಕೋತ್ಸವ ವಿದ್ಯಾರ್ಥಿಗಳ ವಾರ್ಷಿಕ ಚಟುವಟಿಕೆಗಳ ಪ್ರತಿಬಿಂಬವಾಗಿದೆ. ವಿದ್ಯಾರ್ಥಿಗಳು ಕೇವಲ ಪಠ್ಯವಲ್ಲದೆ, ಕ್ರೀಡೆ ಮತ್ತು ಸಾಂಸ್ಕೃತಿಕ ಚಟುವಟಿಕೆಗಳಲ್ಲಿ ಅನಾವರಣಕ್ಕೆ ಕಾಲೇಜಿನ ಎಲ್ಲಾ ವಿದ್ಯಾರ್ಥಿಗಳು ಸಮುದಾಯದ ಆಶ್ರಯ ಇದರಿಂದಾಗಿದೆ ಎಂದರು. ಕಾರ್ಯಕ್ರಮದಲ್ಲಿ ಕಾಲೇಜಿನ ಸಹಾಯಕ ಆಡಳಿತ ಅಧಿಕಾರಿಗಳಾದ ಕಲಂದರ್ ಪಾಷ, ಸಾಂಸ್ಕೃತಿಕ ಕಾರ್ಯದರ್ಶಿಗಳು ಹಾಗೂ ಕನ್ನಡ ವಿಭಾಗದ ಮುಖ್ಯಸ್ಥರಾದ ಪ್ರೊ.ರಮೇಶ್ ಮಣ್ಣೆ, ಹಾಗೂ ಎಲ್ಲಾ ವಿಭಾಗದ ಮುಖ್ಯಸ್ಥರು, ಬೋಧಕ-ಬೋಧಕೇತರ ಸಿಬ್ಬಂದಿಗಳು, ವಿದ್ಯಾರ್ಥಿಗಳು ಭಾಗವಹಿಸಿದ್ದರು.ಕಾರ್ಯಕ್ರಮದಲ್ಲಿ 2023-24 ರ ಸಾಲಿನ ಸಾಂಸ್ಕೃತಿಕ ಚಟುವಟಿಕೆ, ಕ್ರೀಡೆ, ಇನ್ನಿತರ ಚಟುವಟಿಕೆಗಳಲ್ಲಿ ವಿಜೇತರಾದ ವಿದ್ಯಾರ್ಥಿಗಳಿಗೆ ಬಹುಮಾನ ವಿತರಣೆ ಮಾಡಲಾಯಿತು.

ಸಿದ್ದರಾಮಯ್ಯ ವ್ಯಕ್ತಿತ್ವಕ್ಕೆ ಮಸಿ ಬಳಿಯುವ ಯತ್ನ
ಕುರುಬ ಸಮುದಾಯ ಸಹಿಸಲ-ಎ.ಮಹಾಲಿಂಗಯ್ಯ

ತುಮಕೂರು,ಆ.2 ಮೈಸೂರು ನಗರಾಭಿವೃದ್ಧಿ ಪ್ರಾಧಿಕಾರದ ಹಗರಣದ ವಿಷಯದಲ್ಲಿ ವಿನಾಕಾರಣ ಮುಖ್ಯಮಂತ್ರಿ ಸಿದ್ಧರಾಮಯ್ಯನವರನ್ನು ತೇಜೋವಧೆ ಮಾಡುತ್ತಿರುವ ಬಿ.ಜೆ.ಪಿ. ಜೆ.ಡಿ.ಎಸ್ ಪಕ್ಷದ ನಡೆಯನ್ನು ಕರ್ನಾಟಕ ರಾಜ್ಯ ಪ್ರದೇಶ ಕುರುಬರ ಸಂಘದ ಜಿಲ್ಲಾಧ್ಯಕ್ಷ ಎ.ಮಹಾಲಿಂಗಯ್ಯನವರು ತೀವ್ರವಾಗಿ ಖಂಡಿಸಿದ್ದಾರೆ.

ಸಿದ್ಧರಾಮಯ್ಯನವರ ವಿರುದ್ಧ ಬಿ.ಜೆ.ಪಿ. ಜೆ.ಡಿ.ಎಸ್ ರಾಜಕೀಯ ಹುನ್ನಾರ ನಡೆಸುತ್ತಿದೆ.ಅವರ ವ್ಯಕ್ತಿತ್ವಕ್ಕೆ ಕಳಂಕ ತರುವ ಉದ್ದೇಶದಿಂದ ಮುಖ್ಯಮಂತ್ರಿ ಸ್ಥಾನದಿಂದ ಕೆಳಗಿಳಿಸುವ ಪ್ರಯತ್ನವಲ್ಲಿದ್ದಾರೆ. ಇದು ಅಸಾಧ್ಯವಾದ ಮಾತು. ಅವರು ಮುಖ್ಯಮಂತ್ರಿಯಾಗಿ ರಾಜ್ಯದಲ್ಲಿ ಉತ್ತಮ ಆಡಳಿತವನ್ನು ನೀಡುವ ಮೂಲಕ ದೀನ ದಲಿತ ಬಡವ ಹಿಂದುಳಿದ ವರ್ಗದವರ ಅಭಿವೃದ್ಧಿಗಾಗಿ ಶ್ರಮಿಸುತ್ತಿದ್ದು ದೀನರ ನಾಯಕರಾಗಿದ್ದಾರೆ. ತಮ್ಮ ಮೇಲಿನ ಆರೋಪದ ವಿಚಾರಣೆಗೆ ನ್ಯಾಯಾಂಗ ತನಿಖೆಗೆ ಮುಖ್ಯಮಂತ್ರಿಗಳು ಆದೇಶಿಸಿದ್ದಾರೆ. ಎಲ್ಲಾ ತನಿಖೆಗೂ ಸಹಕರಿಸುವುದಾಗಿ ಹೇಳಿದ್ದಾರೆ. ಆದರೂ ವಿರೋಧ ಪಕ್ಷಗಳು ಮುಖ್ಯಮಂತ್ರಿಯವರ ರಾಜೀನಾಮೆಗೆ ಒತ್ತಾಯಿಸುತ್ತಿವೆ. ಬಿ.ಜೆ.ಪಿ. ಜೆ.ಡಿ.ಎಸ್ ಆಡಳಿತಾವಧಿಯಲ್ಲಿ ನಡೆದ ಭ್ರಷ್ಟಾಚಾರ ಪ್ರಕರಣಗಳನ್ನು ಮರೆಮಾಚಲು ಈ ಪಾದಯಾತ್ರೆ ನಡೆಸುತ್ತಿದ್ದಾರೆ. ಅದರ ಬದಲು ಪ್ರಧಾನಿ ಅವರಿಂದ ರಾಜ್ಯಕ್ಕೆ ಬರಬೇಕಾದ ಅನುದಾನ ತರುವ ಕೆಲಸ ಮಾಡಲಿ. ಬಿ.ಜೆ.ಪಿ ಅಧಿಕಾರದಲ್ಲಿದ್ದಾಗ ಭ್ರಷ್ಟಾಚಾರ ಮಾಡಿ ಜನತೆಗೆ ದ್ರೋಹ ಬಗೆದಿದ್ದಾರೆ. ಸಿದ್ದರಾಮಯ್ಯ ಅವರ ಬೆಂಬಲಕ್ಕೆ ಕುರುಬ ಸಮುದಾಯ ಸದಾ ನಿಂತಿರುತ್ತದೆ. ಹಿಂದುಳಿದ ವರ್ಗಗಳ ನಾಯಕರನ್ನು ಕುಗ್ಗಿಸುವ ಪ್ರಯತ್ನಕ್ಕೆ ಸಮುದಾಯ ತಕ್ಕ ಉತ್ತರ ನೀಡಲಿದೆ ಎಂದು ಪ್ರಕಟಣೆಯಲ್ಲಿ ಎಚ್ಚರಿಕೆ ನೀಡಿದ್ದಾರೆ.
